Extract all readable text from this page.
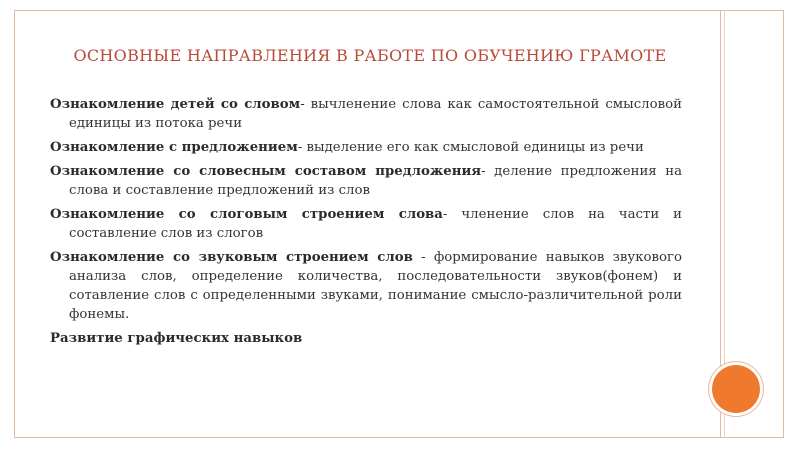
ОСНОВНЫЕ НАПРАВЛЕНИЯ В РАБОТЕ ПО ОБУЧЕНИЮ ГРАМОТЕ
Ознакомление детей со словом- вычленение слова как самостоятельной смысловой единицы из потока речи
Ознакомление с предложением- выделение его как смысловой единицы из речи
Ознакомление со словесным составом предложения- деление предложения на слова и составление предложений из слов
Ознакомление со слоговым строением слова- членение слов на части и составление слов из слогов
Ознакомление со звуковым строением слов - формирование навыков звукового анализа слов, определение количества, последовательности звуков(фонем) и сотавление слов с определенными звуками, понимание смысло-различительной роли фонемы.
Развитие графических навыков
